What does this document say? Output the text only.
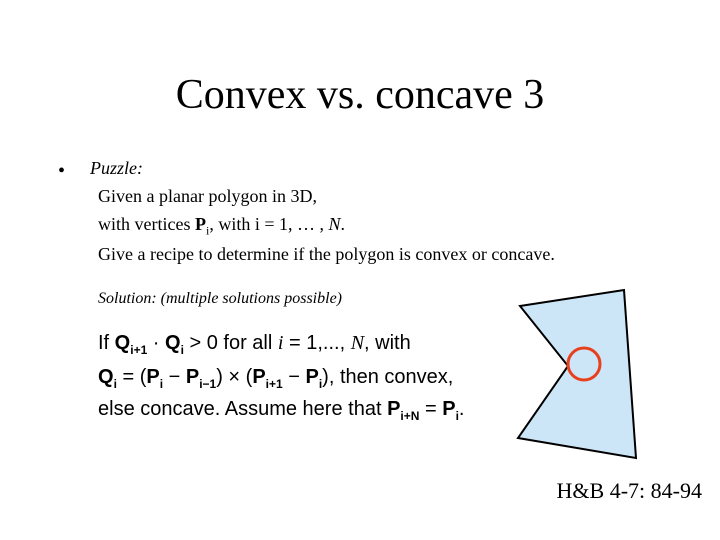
Convex vs. concave 3
• Puzzle:
Given a planar polygon in 3D,
with vertices $P_i$, with i = 1, … , N.
Give a recipe to determine if the polygon is convex or concave.
Solution: (multiple solutions possible)
If $Q_{i+1} \cdot Q_i > 0$ for all i = 1,..., N, with
$Q_i = (P_i - P_{i-1}) \times (P_{i+1} - P_i)$, then convex,
else concave. Assume here that $P_{i+N} = P_i$.
H&B 4-7: 84-94
